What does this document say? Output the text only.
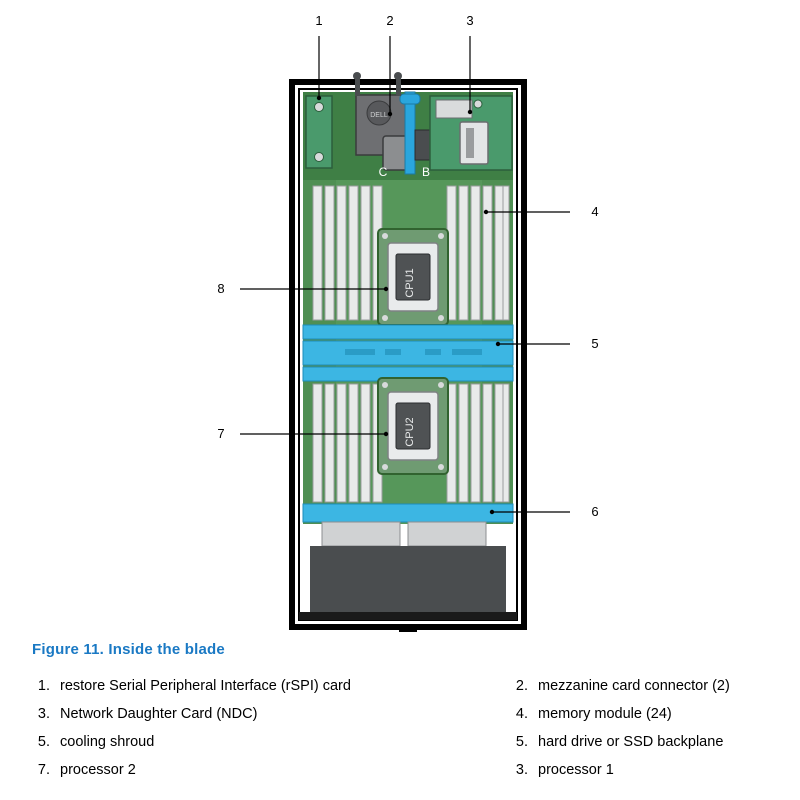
DELL
C	B
CPU1
CPU2
1	2	3
4
5
6
7
8
Figure 11. Inside the blade
1. restore Serial Peripheral Interface (rSPI) card
3. Network Daughter Card (NDC)
5. cooling shroud
7. processor 2
2. mezzanine card connector (2)
4. memory module (24)
5. hard drive or SSD backplane
3. processor 1
